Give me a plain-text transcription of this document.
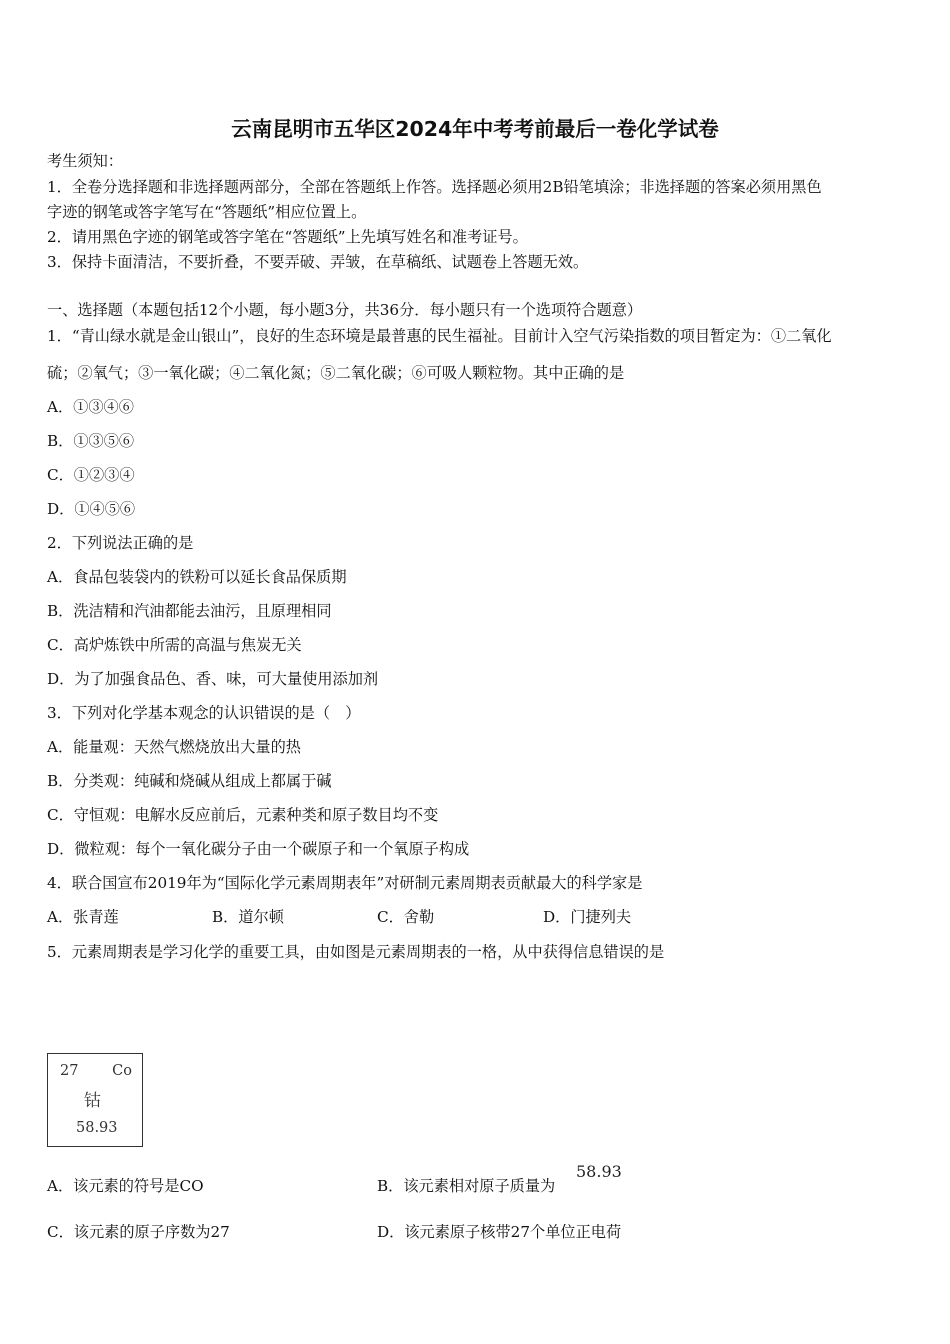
云南昆明市五华区2024年中考考前最后一卷化学试卷
考生须知：
1．全卷分选择题和非选择题两部分，全部在答题纸上作答。选择题必须用2B铅笔填涂；非选择题的答案必须用黑色
字迹的钢笔或答字笔写在“答题纸”相应位置上。
2．请用黑色字迹的钢笔或答字笔在“答题纸”上先填写姓名和准考证号。
3．保持卡面清洁，不要折叠，不要弄破、弄皱，在草稿纸、试题卷上答题无效。
一、选择题（本题包括12个小题，每小题3分，共36分．每小题只有一个选项符合题意）
1．“青山绿水就是金山银山”，良好的生态环境是最普惠的民生福祉。目前计入空气污染指数的项目暂定为：①二氧化
硫；②氧气；③一氧化碳；④二氧化氮；⑤二氧化碳；⑥可吸人颗粒物。其中正确的是
A．①③④⑥
B．①③⑤⑥
C．①②③④
D．①④⑤⑥
2．下列说法正确的是
A．食品包装袋内的铁粉可以延长食品保质期
B．洗洁精和汽油都能去油污，且原理相同
C．高炉炼铁中所需的高温与焦炭无关
D．为了加强食品色、香、味，可大量使用添加剂
3．下列对化学基本观念的认识错误的是（　）
A．能量观：天然气燃烧放出大量的热
B．分类观：纯碱和烧碱从组成上都属于碱
C．守恒观：电解水反应前后，元素种类和原子数目均不变
D．微粒观：每个一氧化碳分子由一个碳原子和一个氧原子构成
4．联合国宣布2019年为“国际化学元素周期表年”对研制元素周期表贡献最大的科学家是
A．张青莲	B．道尔顿	C．舍勒	D．门捷列夫
5．元素周期表是学习化学的重要工具，由如图是元素周期表的一格，从中获得信息错误的是
27 Co
钴
58.93
A．该元素的符号是CO	B．该元素相对原子质量为
58.93
C．该元素的原子序数为27	D．该元素原子核带27个单位正电荷
